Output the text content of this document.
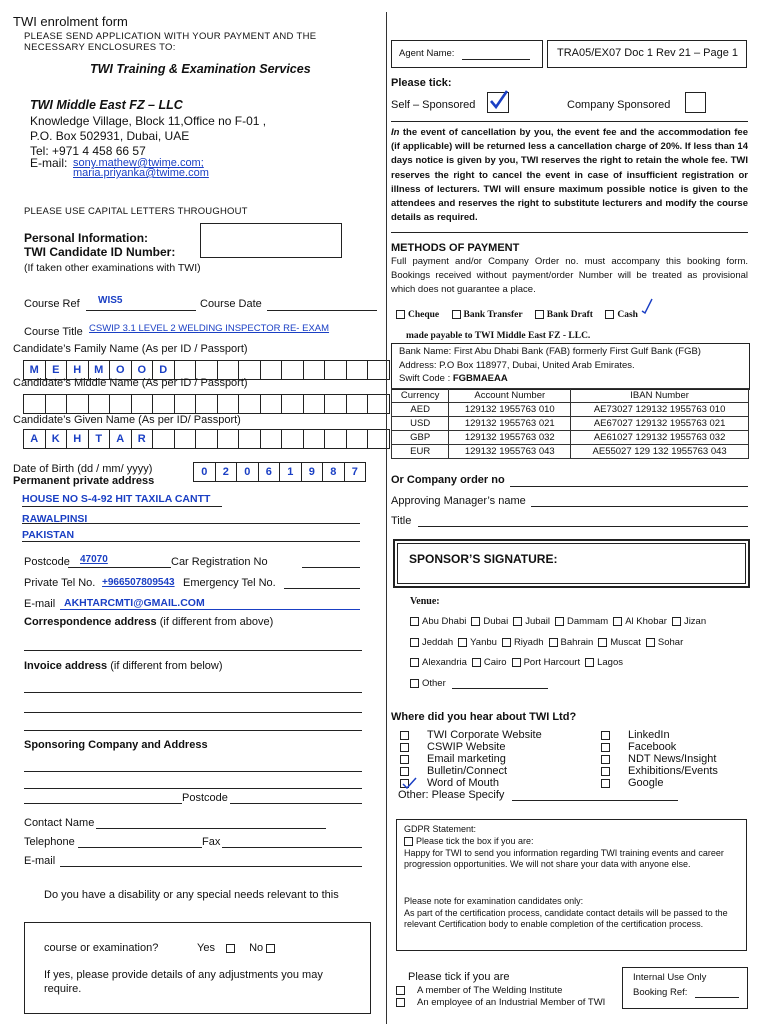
TWI enrolment form
PLEASE SEND APPLICATION WITH YOUR PAYMENT AND THE
NECESSARY ENCLOSURES TO:
TWI Training & Examination Services
TWI Middle East FZ – LLC
Knowledge Village, Block 11,Office no F-01 ,
P.O. Box 502931, Dubai, UAE
Tel: +971 4 458 66 57
E-mail: sony.mathew@twime.com;
maria.priyanka@twime.com
PLEASE USE CAPITAL LETTERS THROUGHOUT
Personal Information:
TWI Candidate ID Number:
(If taken other examinations with TWI)
Course Ref WIS5	Course Date
Course Title CSWIP 3.1 LEVEL 2 WELDING INSPECTOR RE- EXAM
Candidate’s Family Name (As per ID / Passport)
M	E	H	M	O	O	D
Candidate’s Middle Name (As per ID / Passport)
Candidate’s Given Name (As per ID/ Passport)
A	K	H	T	A	R
Date of Birth (dd / mm/ yyyy)
Permanent private address
0	2	0	6	1	9	8	7
HOUSE NO S-4-92 HIT TAXILA CANTT
RAWALPINSI
PAKISTAN
Postcode 47070	Car Registration No
Private Tel No. +966507809543 Emergency Tel No.
E-mail AKHTARCMTI@GMAIL.COM
Correspondence address (if different from above)
Invoice address (if different from below)
Sponsoring Company and Address
Postcode
Contact Name
Telephone	Fax
E-mail
Do you have a disability or any special needs relevant to this
course or examination?	Yes	No
If yes, please provide details of any adjustments you may
require.
Agent Name:	TRA05/EX07 Doc 1 Rev 21 – Page 1
Please tick:
Self – Sponsored	Company Sponsored
In the event of cancellation by you, the event fee and the accommodation fee (if applicable) will be returned less a cancellation charge of 20%. If less than 14 days notice is given by you, TWI reserves the right to retain the whole fee. TWI reserves the right to cancel the event in case of insufficient registration or illness of lecturers. TWI will ensure maximum possible notice is given to the attendees and reserves the right to substitute lecturers and modify the course details as required.
METHODS OF PAYMENT
Full payment and/or Company Order no. must accompany this booking form. Bookings received without payment/order Number will be treated as provisional which does not guarantee a place.
Cheque	Bank Transfer	Bank Draft	Cash
made payable to TWI Middle East FZ - LLC.
Bank Name: First Abu Dhabi Bank (FAB) formerly First Gulf Bank (FGB)
Address: P.O Box 118977, Dubai, United Arab Emirates.
Swift Code : FGBMAEAA
Currency	Account Number	IBAN Number
AED	129132 1955763 010	AE73027 129132 1955763 010
USD	129132 1955763 021	AE67027 129132 1955763 021
GBP	129132 1955763 032	AE61027 129132 1955763 032
EUR	129132 1955763 043	AE55027 129 132 1955763 043
Or Company order no
Approving Manager’s name
Title
SPONSOR’S SIGNATURE:
Venue:
Abu Dhabi Dubai Jubail Dammam Al Khobar Jizan
Jeddah Yanbu Riyadh Bahrain Muscat Sohar
Alexandria Cairo Port Harcourt Lagos
Other
Where did you hear about TWI Ltd?
TWI Corporate Website
CSWIP Website
Email marketing
Bulletin/Connect
Word of Mouth
LinkedIn
Facebook
NDT News/Insight
Exhibitions/Events
Google
Other: Please Specify
GDPR Statement:
Please tick the box if you are:
Happy for TWI to send you information regarding TWI training events and career progression opportunities. We will not share your data with anyone else.
Please note for examination candidates only:
As part of the certification process, candidate contact details will be passed to the relevant Certification body to enable completion of the certification process.
Please tick if you are
A member of The Welding Institute
An employee of an Industrial Member of TWI
Internal Use Only
Booking Ref:
